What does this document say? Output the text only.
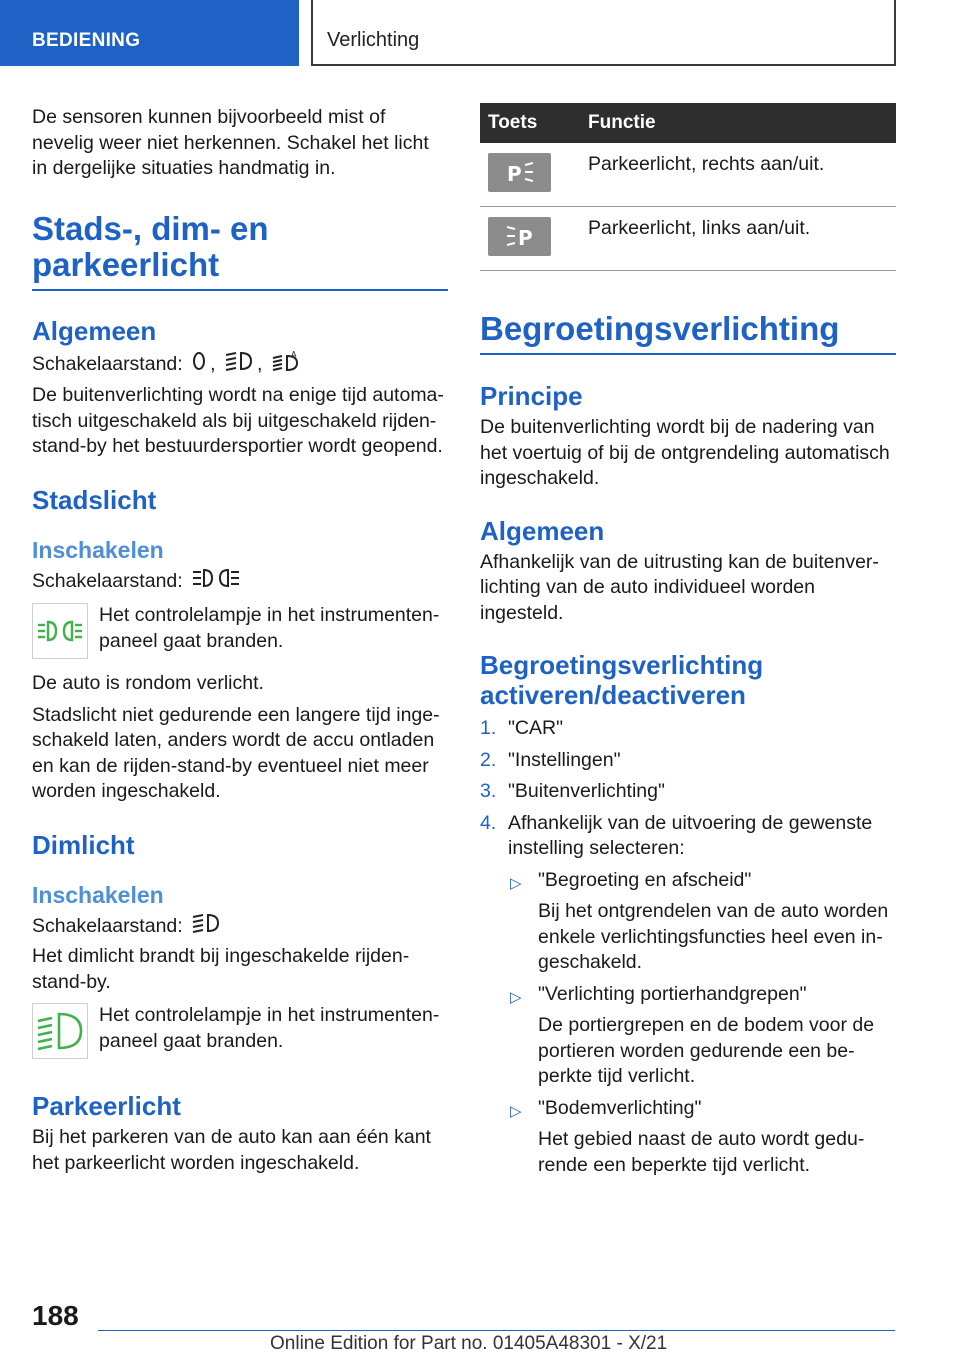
BEDIENING	Verlichting

De sensoren kunnen bijvoorbeeld mist of nevelig weer niet herkennen. Schakel het licht in dergelijke situaties handmatig in.

Stads-, dim- en parkeerlicht
Algemeen

Schakelaarstand: , ,	A

De buitenverlichting wordt na enige tijd automatisch uitgeschakeld als bij uitgeschakeld rijden-stand-by het bestuurdersportier wordt geopend.

Stadslicht
Inschakelen

Schakelaarstand:

Het controlelampje in het instrumentenpaneel gaat branden.

De auto is rondom verlicht.

Stadslicht niet gedurende een langere tijd ingeschakeld laten, anders wordt de accu ontladen en kan de rijden-stand-by eventueel niet meer worden ingeschakeld.

Dimlicht
Inschakelen

Schakelaarstand:

Het dimlicht brandt bij ingeschakelde rijden-stand-by.

Het controlelampje in het instrumentenpaneel gaat branden.

Parkeerlicht

Bij het parkeren van de auto kan aan één kant het parkeerlicht worden ingeschakeld.

Toets	Functie

P	Parkeerlicht, rechts aan/uit.

P	Parkeerlicht, links aan/uit.
Begroetingsverlichting
Principe

De buitenverlichting wordt bij de nadering van het voertuig of bij de ontgrendeling automatisch ingeschakeld.

Algemeen

Afhankelijk van de uitrusting kan de buitenverlichting van de auto individueel worden ingesteld.

Begroetingsverlichting activeren/deactiveren
1. "CAR"
2. "Instellingen"
3. "Buitenverlichting"
4. Afhankelijk van de uitvoering de gewenste instelling selecteren:
▷ "Begroeting en afscheid"
Bij het ontgrendelen van de auto worden enkele verlichtingsfuncties heel even ingeschakeld.
▷ "Verlichting portierhandgrepen"
De portiergrepen en de bodem voor de portieren worden gedurende een beperkte tijd verlicht.
▷ "Bodemverlichting"
Het gebied naast de auto wordt gedurende een beperkte tijd verlicht.
188
Online Edition for Part no. 01405A48301 - X/21
